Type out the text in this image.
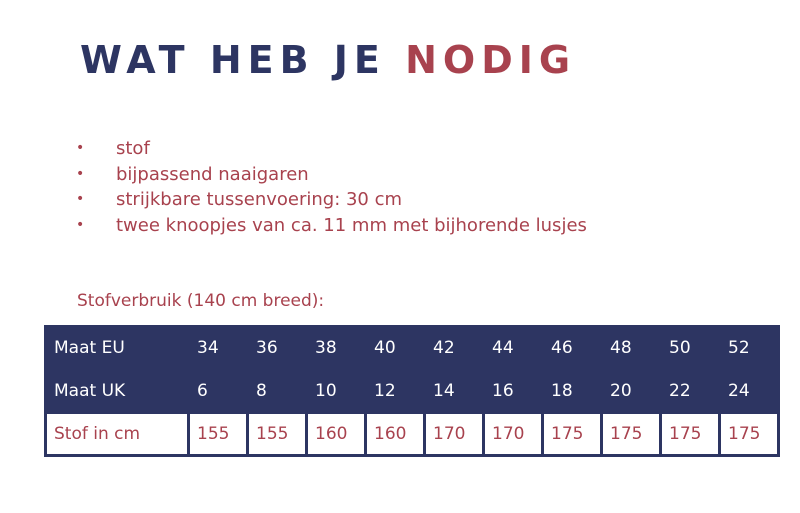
WAT HEB JE NODIG
• stof
• bijpassend naaigaren
• strijkbare tussenvoering: 30 cm
• twee knoopjes van ca. 11 mm met bijhorende lusjes

Stofverbruik (140 cm breed):

Maat EU	34	36	38	40	42	44	46	48	50	52
Maat UK	6	8	10	12	14	16	18	20	22	24
Stof in cm	155	155	160	160	170	170	175	175	175	175
